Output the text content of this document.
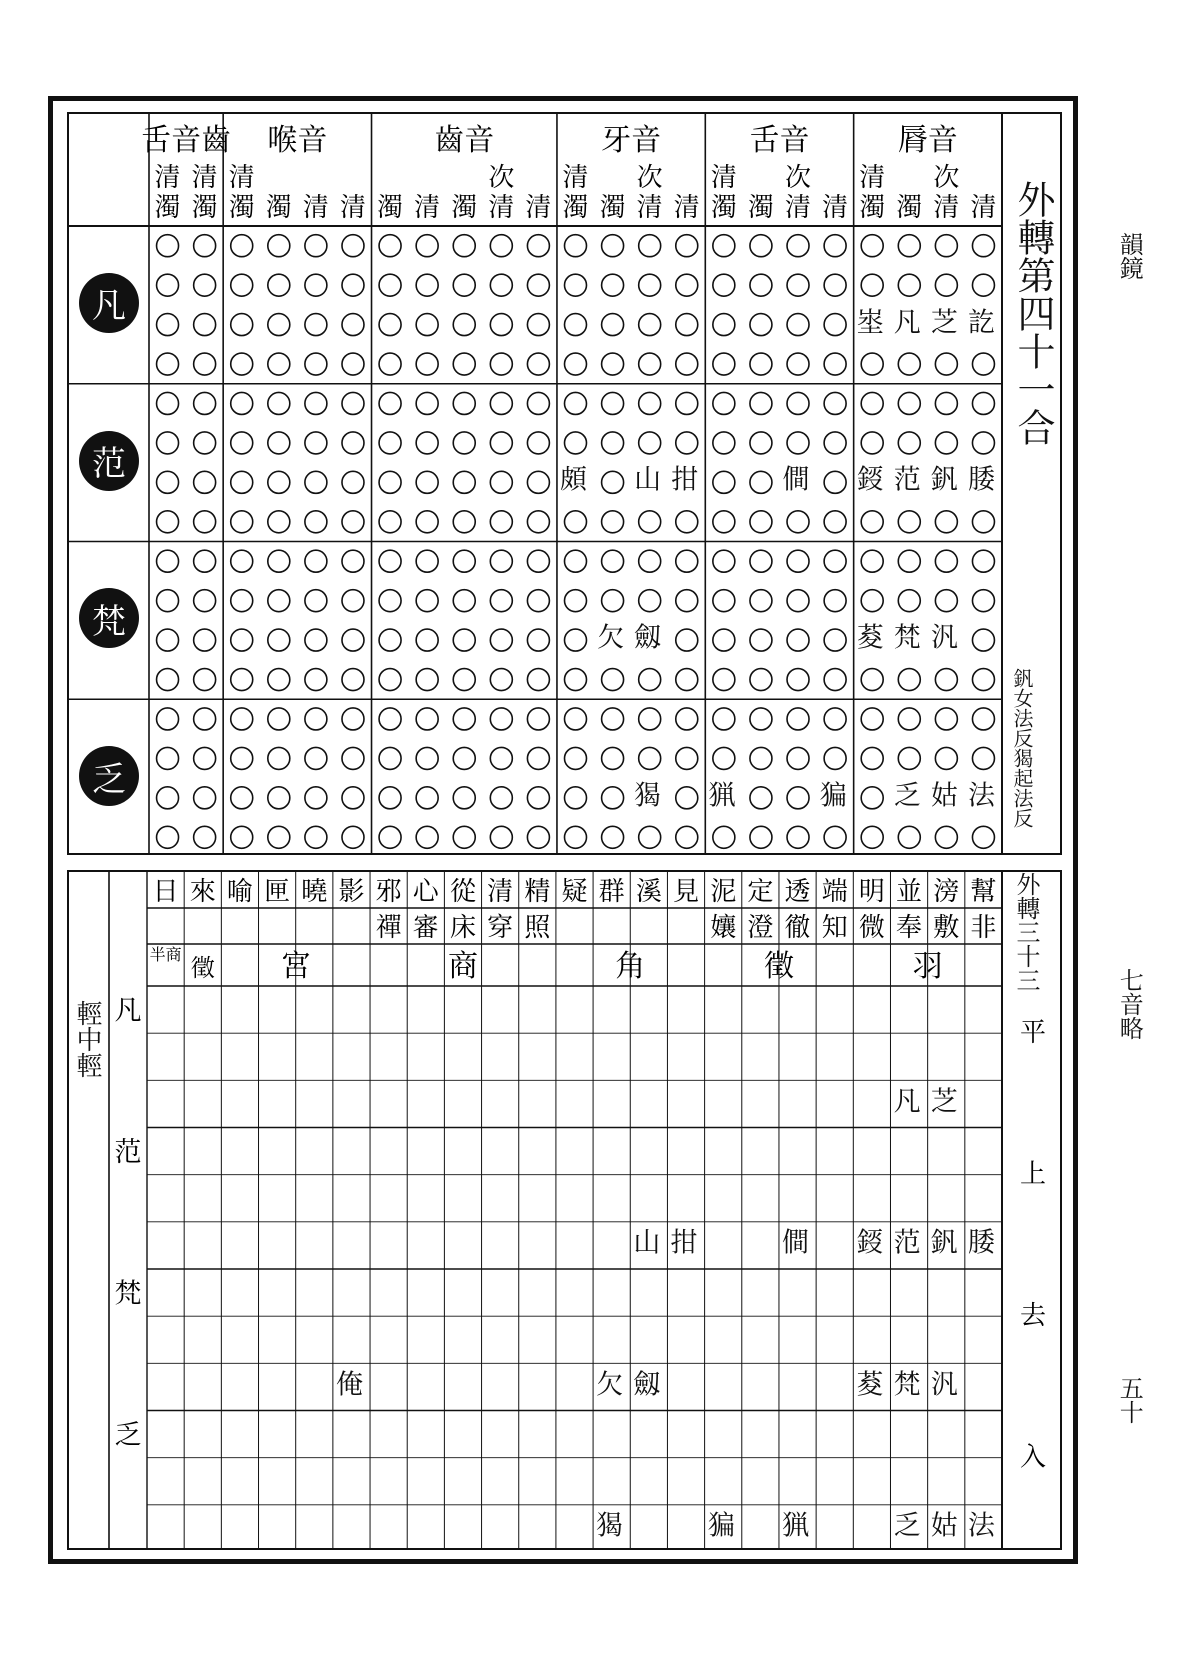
韻鏡
七音略
五十
脣音
清
次
清
濁
清
濁
舌音
清
次
清
濁
清
濁
牙音
清
次
清
濁
清
濁
齒音
清
次
清
濁
清
濁
喉音
清
清
濁
清
濁
舌音齒
清
濁
清
濁	外轉第四十一合
釩女法反猲起法反
訖
芝
凡
埊
腇
釩
范
鋄
僴
拑
山
頗
汎
梵
荾
劔
欠
法
姑
乏
猵
猟
猲
凡
范
梵
乏
幫
滂
並
明
端
透
定
泥
見
溪
群
疑
精
清
從
心
邪
影
曉
匣
喻
來
日
非
敷
奉
微
知
徹
澄
孃
照
穿
床
審
禪
羽
徵
角
商
宮
徵
半商
平
上
去
入
凡
范
梵
乏
外轉三十三
輕中輕
芝
凡
腇
釩
范
鋄
僴
拑
山
汎
梵
荾
劔
欠
俺
法
姑
乏
猟
猵
猲
